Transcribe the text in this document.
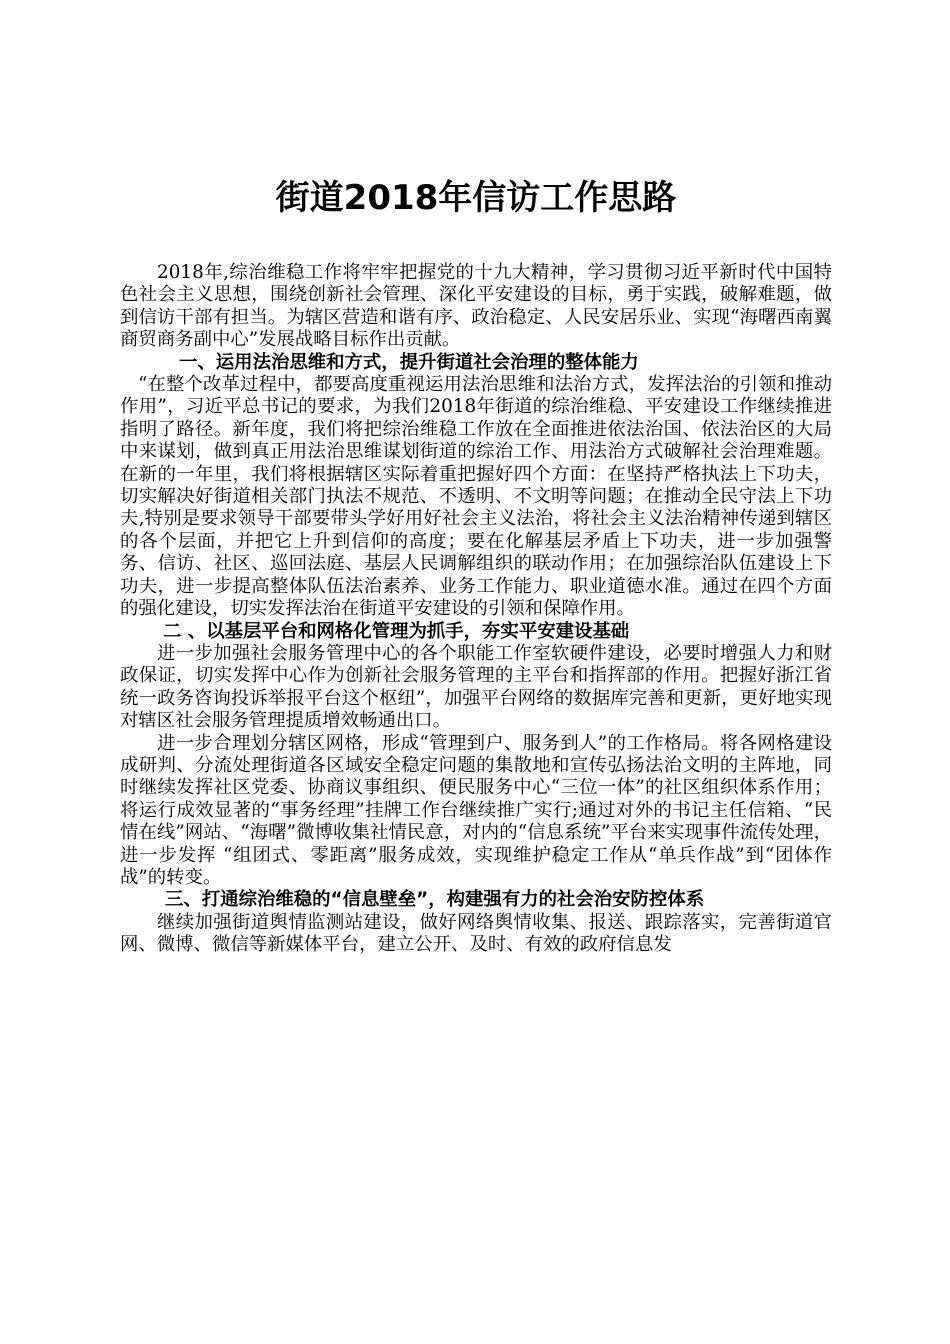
街道2018年信访工作思路

2018年,综治维稳工作将牢牢把握党的十九大精神，学习贯彻习近平新时代中国特色社会主义思想，围绕创新社会管理、深化平安建设的目标，勇于实践，破解难题，做到信访干部有担当。为辖区营造和谐有序、政治稳定、人民安居乐业、实现“海曙西南翼商贸商务副中心”发展战略目标作出贡献。

一、运用法治思维和方式，提升街道社会治理的整体能力

“在整个改革过程中，都要高度重视运用法治思维和法治方式，发挥法治的引领和推动作用”，习近平总书记的要求，为我们2018年街道的综治维稳、平安建设工作继续推进指明了路径。新年度，我们将把综治维稳工作放在全面推进依法治国、依法治区的大局中来谋划，做到真正用法治思维谋划街道的综治工作、用法治方式破解社会治理难题。在新的一年里，我们将根据辖区实际着重把握好四个方面：在坚持严格执法上下功夫，切实解决好街道相关部门执法不规范、不透明、不文明等问题；在推动全民守法上下功夫,特别是要求领导干部要带头学好用好社会主义法治，将社会主义法治精神传递到辖区的各个层面，并把它上升到信仰的高度；要在化解基层矛盾上下功夫，进一步加强警务、信访、社区、巡回法庭、基层人民调解组织的联动作用；在加强综治队伍建设上下功夫，进一步提高整体队伍法治素养、业务工作能力、职业道德水准。通过在四个方面的强化建设，切实发挥法治在街道平安建设的引领和保障作用。

二 、以基层平台和网格化管理为抓手，夯实平安建设基础

进一步加强社会服务管理中心的各个职能工作室软硬件建设，必要时增强人力和财政保证，切实发挥中心作为创新社会服务管理的主平台和指挥部的作用。把握好浙江省统一政务咨询投诉举报平台这个枢纽”，加强平台网络的数据库完善和更新，更好地实现对辖区社会服务管理提质增效畅通出口。

进一步合理划分辖区网格，形成“管理到户、服务到人”的工作格局。将各网格建设成研判、分流处理街道各区域安全稳定问题的集散地和宣传弘扬法治文明的主阵地，同时继续发挥社区党委、协商议事组织、便民服务中心“三位一体”的社区组织体系作用；将运行成效显著的“事务经理”挂牌工作台继续推广实行;通过对外的书记主任信箱、“民情在线”网站、“海曙”微博收集社情民意，对内的“信息系统”平台来实现事件流传处理，进一步发挥 “组团式、零距离”服务成效，实现维护稳定工作从“单兵作战”到“团体作战”的转变。

三、打通综治维稳的“信息壁垒”，构建强有力的社会治安防控体系

继续加强街道舆情监测站建设，做好网络舆情收集、报送、跟踪落实，完善街道官网、微博、微信等新媒体平台，建立公开、及时、有效的政府信息发
